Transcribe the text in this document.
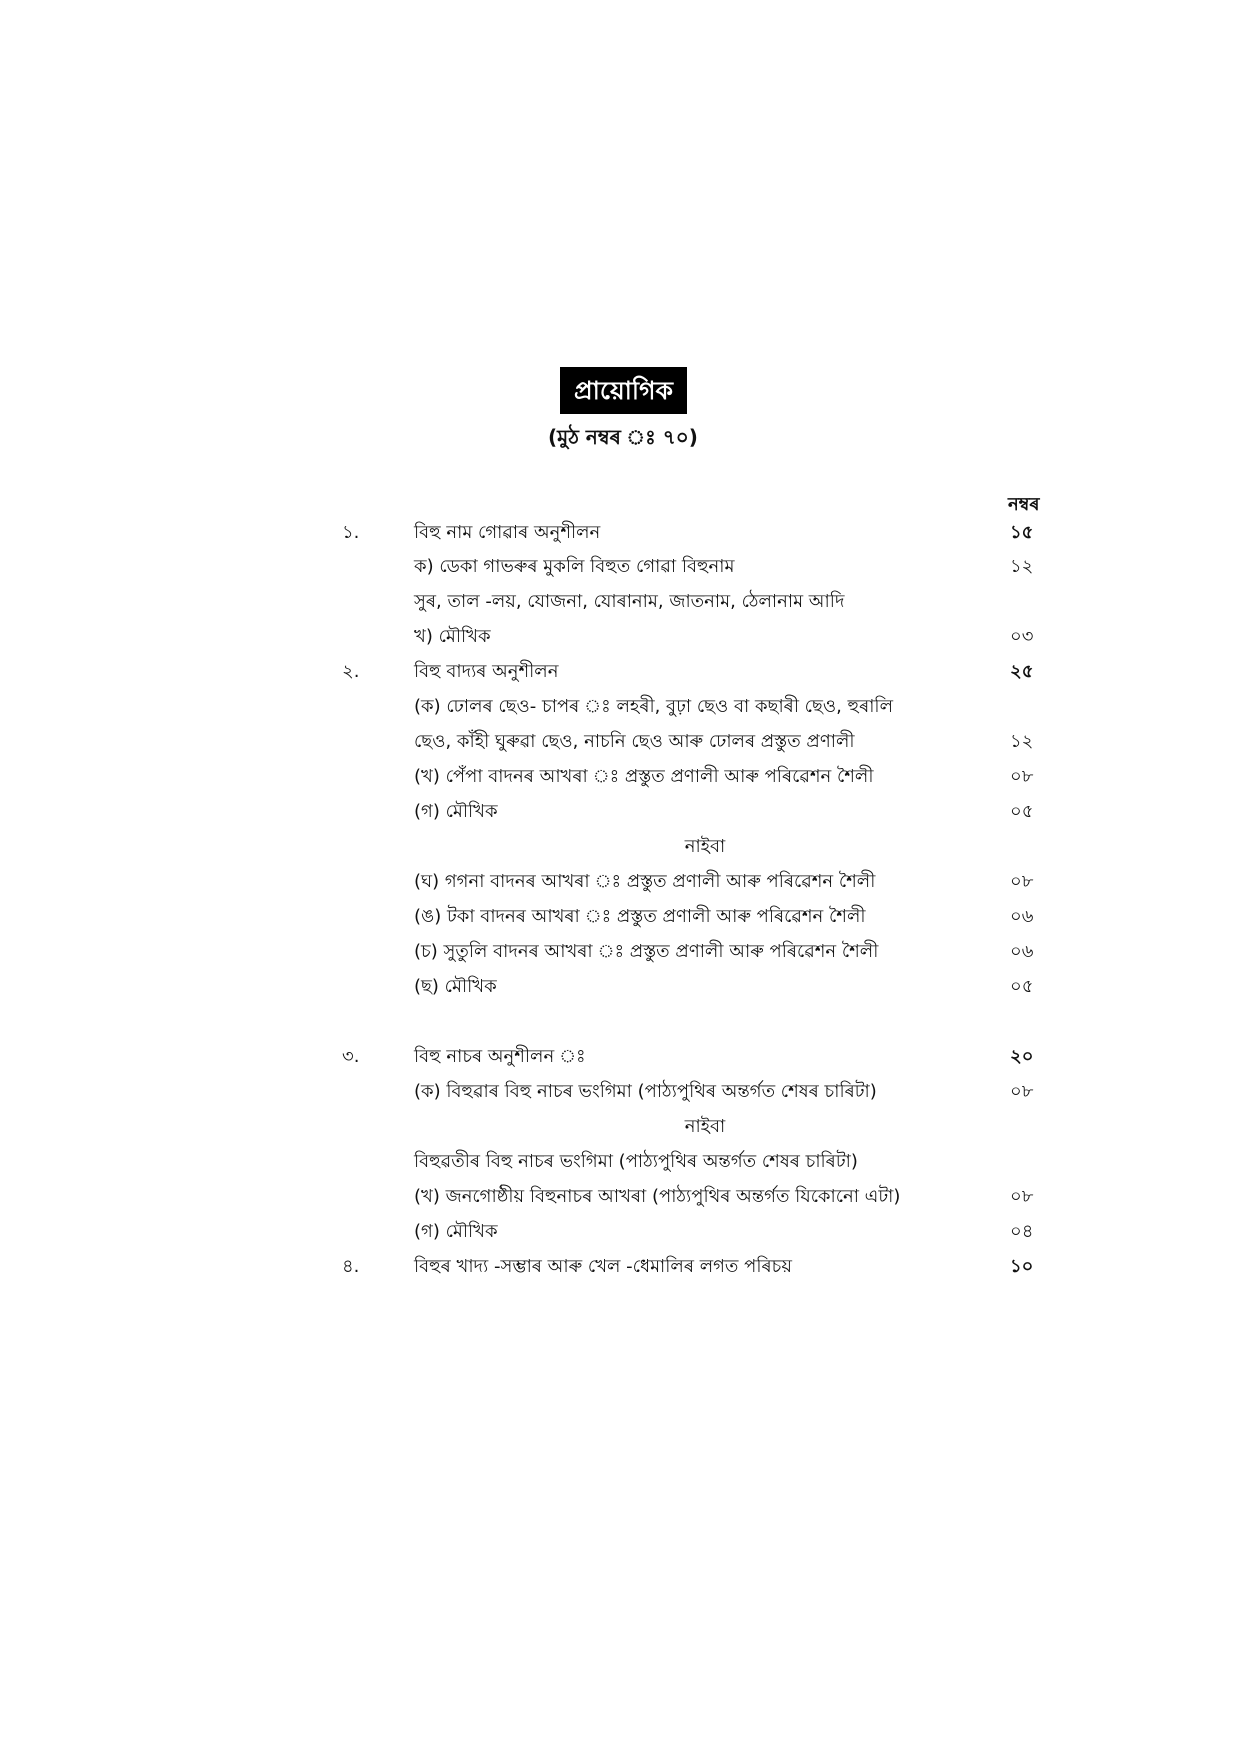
প্ৰায়োগিক
(মুঠ নম্বৰ ঃ ৭০)
নম্বৰ
১.	বিহু নাম গোৱাৰ অনুশীলন	১৫
ক) ডেকা গাভৰুৰ মুকলি বিহুত গোৱা বিহুনাম	১২
সুৰ, তাল -লয়, যোজনা, যোৰানাম, জাতনাম, ঠেলানাম আদি
খ) মৌখিক	০৩
২.	বিহু বাদ্যৰ অনুশীলন	২৫
(ক) ঢোলৰ ছেও- চাপৰ ঃ লহৰী, বুঢ়া ছেও বা কছাৰী ছেও, হুৰালি
ছেও, কাঁহী ঘুৰুৱা ছেও, নাচনি ছেও আৰু ঢোলৰ প্ৰস্তুত প্ৰণালী	১২
(খ) পেঁপা বাদনৰ আখৰা ঃ প্ৰস্তুত প্ৰণালী আৰু পৰিৱেশন শৈলী	০৮
(গ) মৌখিক	০৫
নাইবা
(ঘ) গগনা বাদনৰ আখৰা ঃ প্ৰস্তুত প্ৰণালী আৰু পৰিৱেশন শৈলী	০৮
(ঙ) টকা বাদনৰ আখৰা ঃ প্ৰস্তুত প্ৰণালী আৰু পৰিৱেশন শৈলী	০৬
(চ) সুতুলি বাদনৰ আখৰা ঃ প্ৰস্তুত প্ৰণালী আৰু পৰিৱেশন শৈলী	০৬
(ছ) মৌখিক	০৫
৩.	বিহু নাচৰ অনুশীলন ঃ	২০
(ক) বিহুৱাৰ বিহু নাচৰ ভংগিমা (পাঠ্যপুথিৰ অন্তৰ্গত শেষৰ চাৰিটা)	০৮
নাইবা
বিহুৱতীৰ বিহু নাচৰ ভংগিমা (পাঠ্যপুথিৰ অন্তৰ্গত শেষৰ চাৰিটা)
(খ) জনগোষ্ঠীয় বিহুনাচৰ আখৰা (পাঠ্যপুথিৰ অন্তৰ্গত যিকোনো এটা)	০৮
(গ) মৌখিক	০৪
৪.	বিহুৰ খাদ্য -সম্ভাৰ আৰু খেল -ধেমালিৰ লগত পৰিচয়	১০
